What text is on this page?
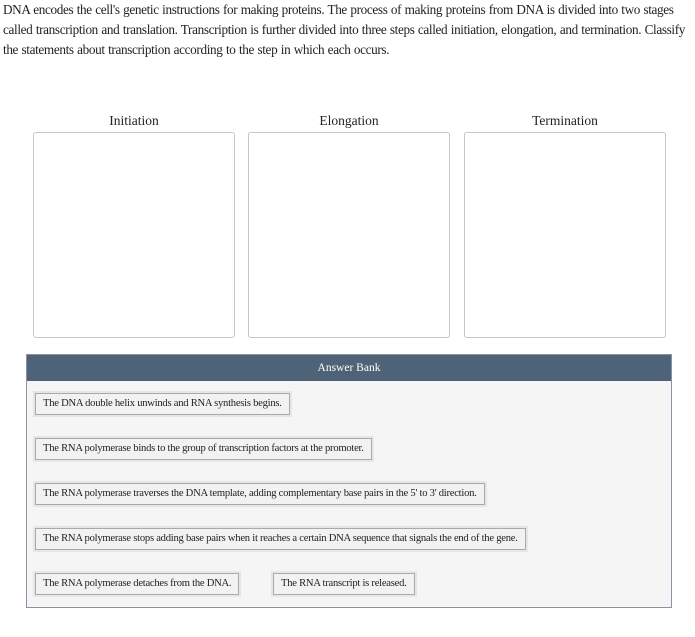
DNA encodes the cell's genetic instructions for making proteins. The process of making proteins from DNA is divided into two stages called transcription and translation. Transcription is further divided into three steps called initiation, elongation, and termination. Classify the statements about transcription according to the step in which each occurs.

Initiation	Elongation	Termination
Answer Bank
The DNA double helix unwinds and RNA synthesis begins.
The RNA polymerase binds to the group of transcription factors at the promoter.
The RNA polymerase traverses the DNA template, adding complementary base pairs in the 5' to 3' direction.
The RNA polymerase stops adding base pairs when it reaches a certain DNA sequence that signals the end of the gene.
The RNA polymerase detaches from the DNA.	The RNA transcript is released.
